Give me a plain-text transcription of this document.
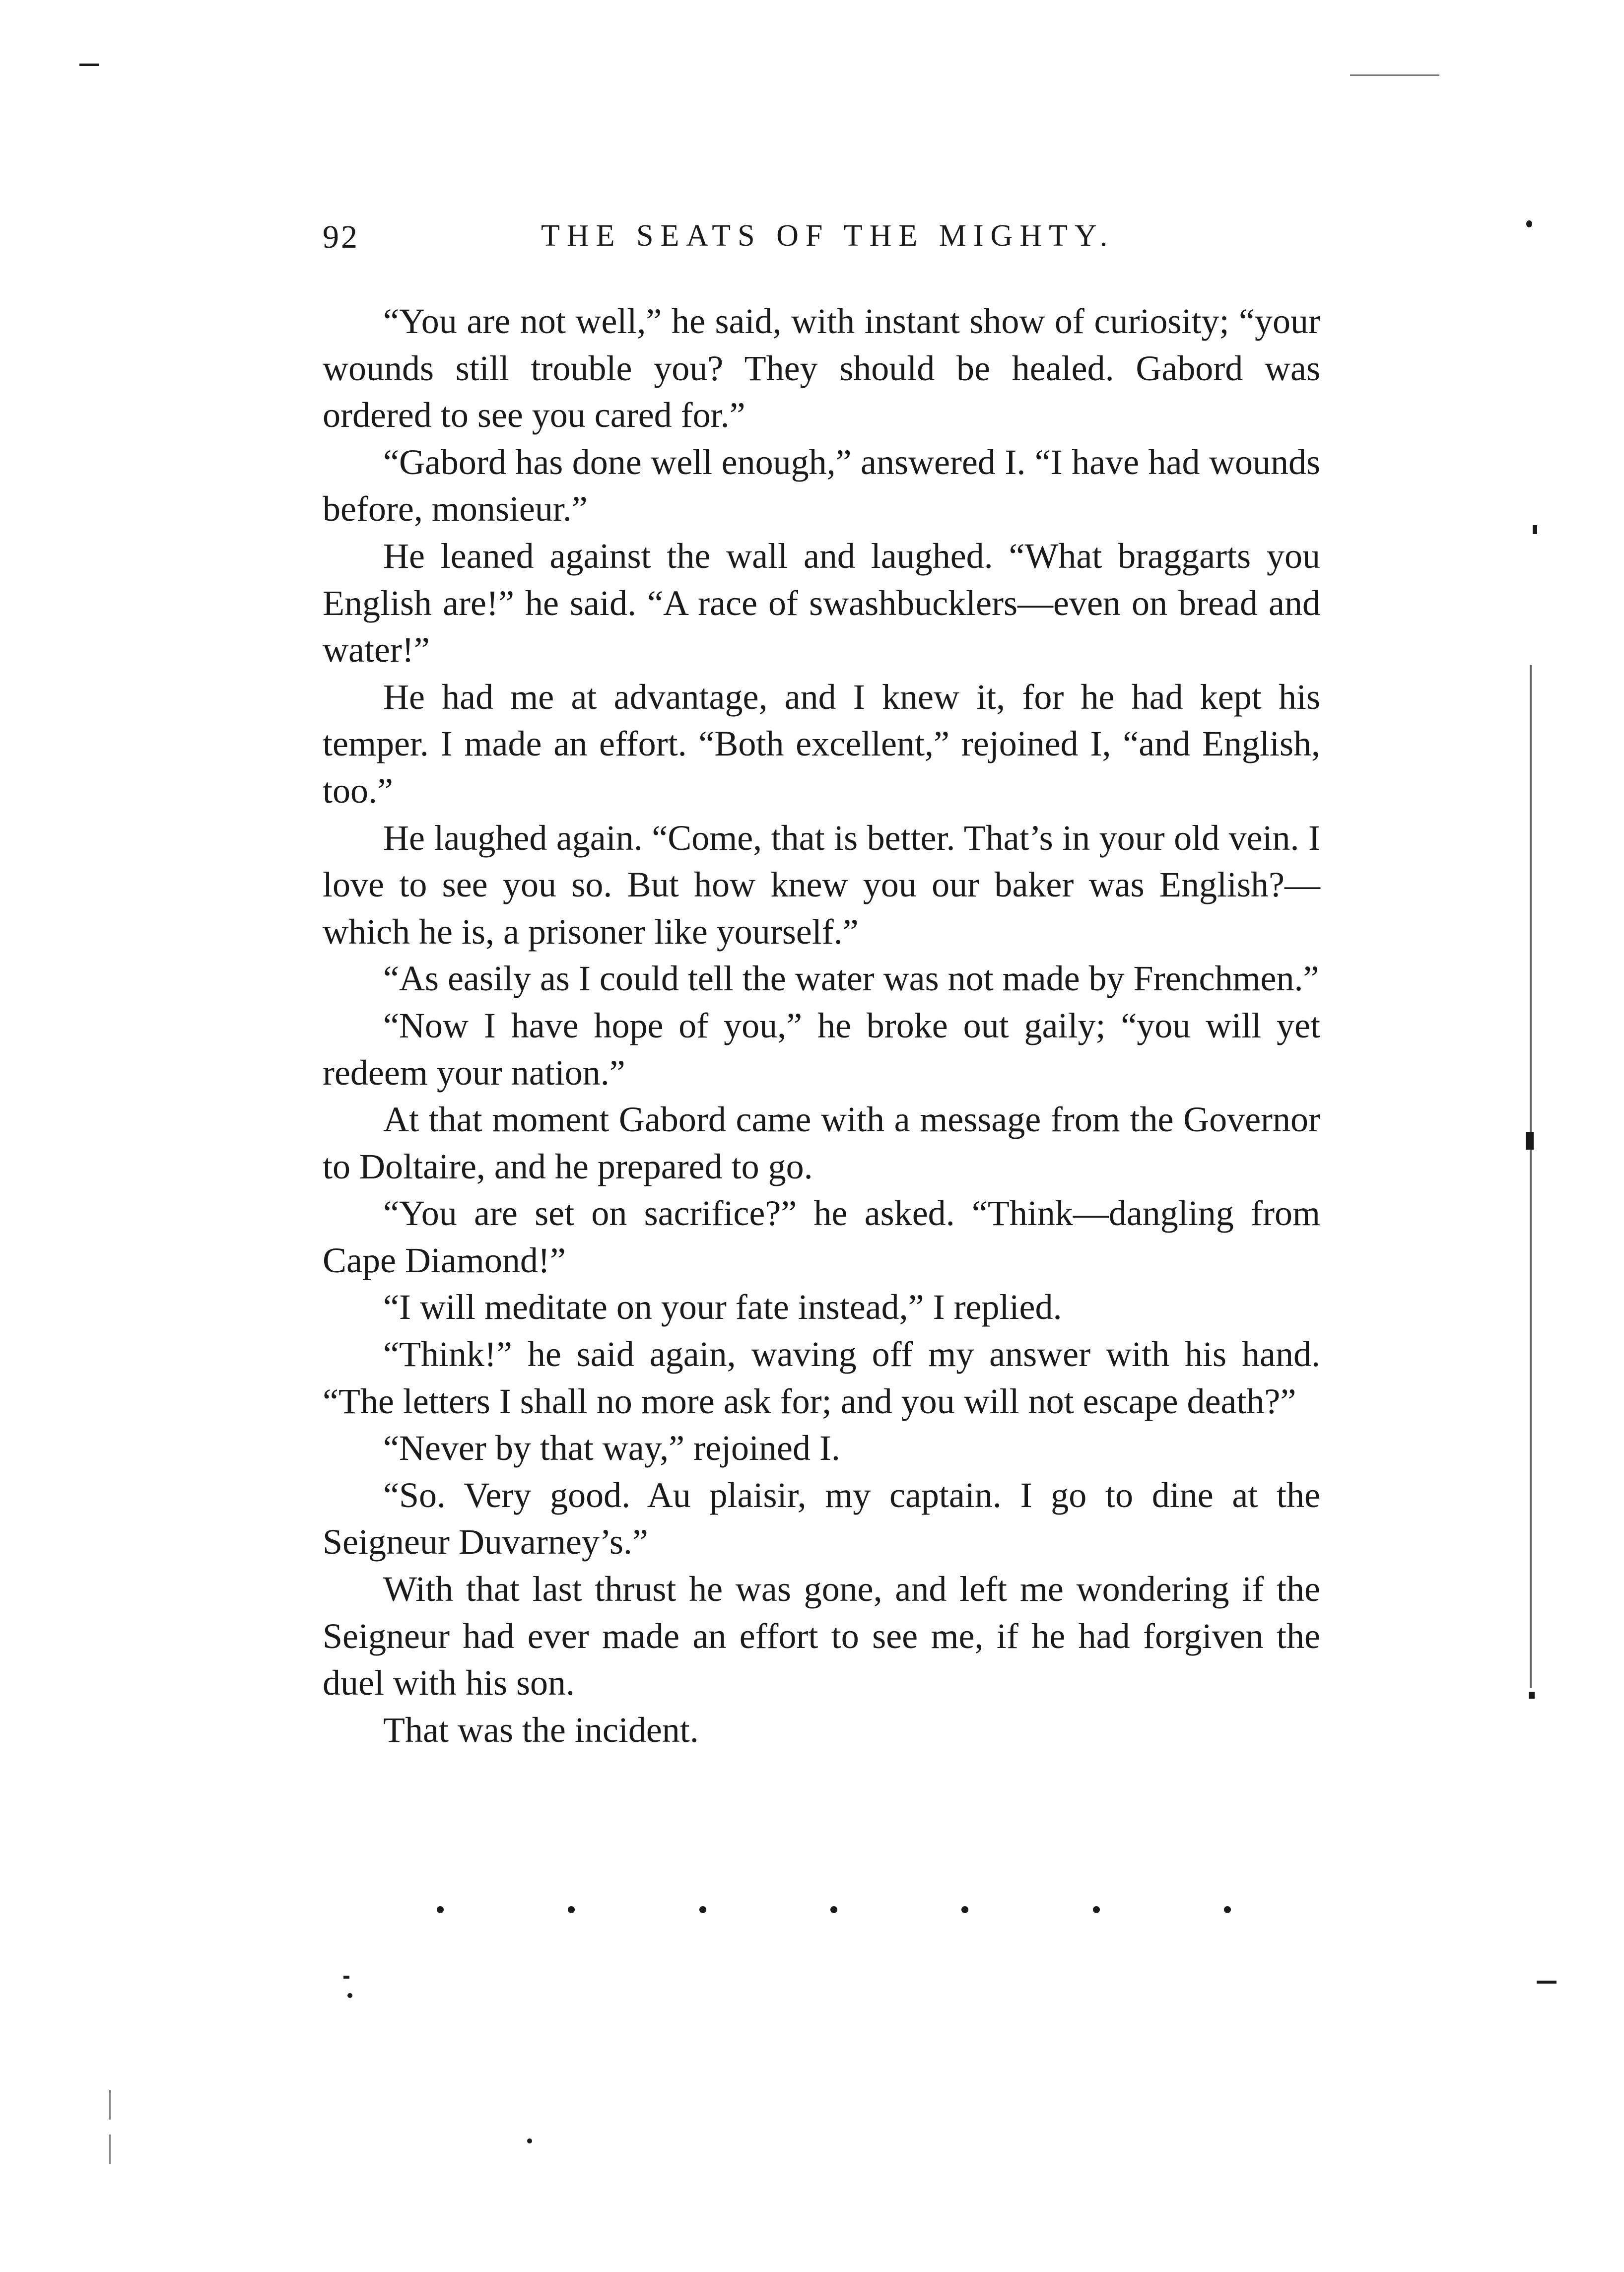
92	THE SEATS OF THE MIGHTY.

“You are not well,” he said, with instant show of curiosity; “your wounds still trouble you? They should be healed. Gabord was ordered to see you cared for.”

“Gabord has done well enough,” answered I. “I have had wounds before, monsieur.”

He leaned against the wall and laughed. “What braggarts you English are!” he said. “A race of swashbucklers—even on bread and water!”

He had me at advantage, and I knew it, for he had kept his temper. I made an effort. “Both excellent,” rejoined I, “and English, too.”

He laughed again. “Come, that is better. That’s in your old vein. I love to see you so. But how knew you our baker was English?—which he is, a prisoner like yourself.”

“As easily as I could tell the water was not made by Frenchmen.”

“Now I have hope of you,” he broke out gaily; “you will yet redeem your nation.”

At that moment Gabord came with a message from the Governor to Doltaire, and he prepared to go.

“You are set on sacrifice?” he asked. “Think—dangling from Cape Diamond!”

“I will meditate on your fate instead,” I replied.

“Think!” he said again, waving off my answer with his hand. “The letters I shall no more ask for; and you will not escape death?”

“Never by that way,” rejoined I.

“So. Very good. Au plaisir, my captain. I go to dine at the Seigneur Duvarney’s.”

With that last thrust he was gone, and left me wondering if the Seigneur had ever made an effort to see me, if he had forgiven the duel with his son.

That was the incident.
